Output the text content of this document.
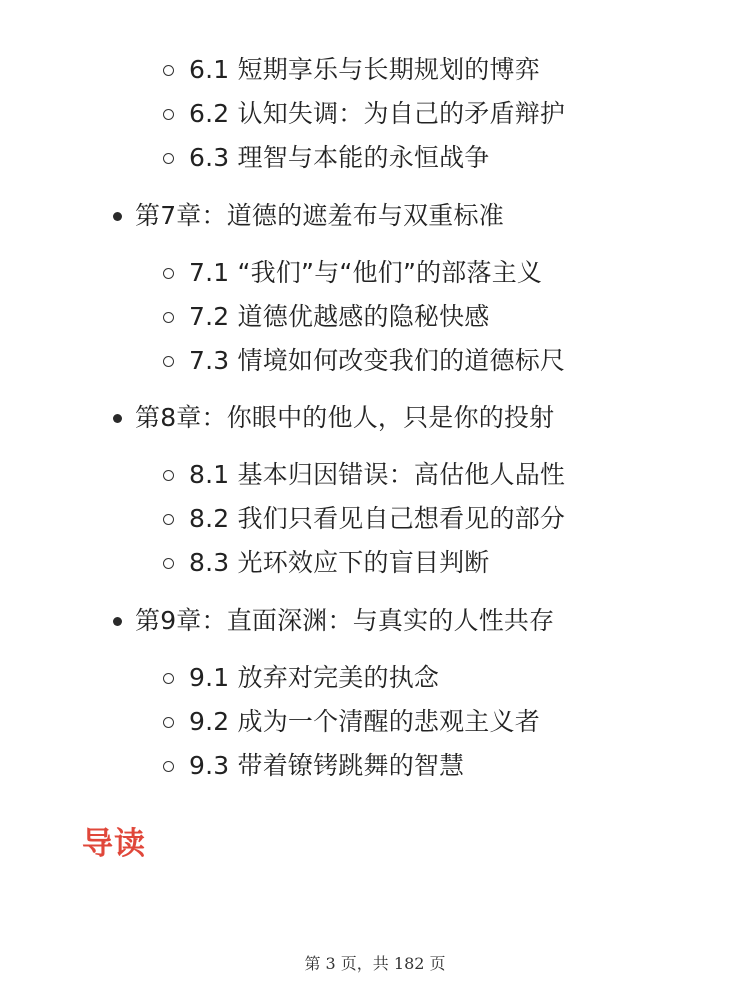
6.1 短期享乐与长期规划的博弈
6.2 认知失调：为自己的矛盾辩护
6.3 理智与本能的永恒战争
第7章：道德的遮羞布与双重标准
7.1 “我们”与“他们”的部落主义
7.2 道德优越感的隐秘快感
7.3 情境如何改变我们的道德标尺
第8章：你眼中的他人，只是你的投射
8.1 基本归因错误：高估他人品性
8.2 我们只看见自己想看见的部分
8.3 光环效应下的盲目判断
第9章：直面深渊：与真实的人性共存
9.1 放弃对完美的执念
9.2 成为一个清醒的悲观主义者
9.3 带着镣铐跳舞的智慧
导读
第 3 页，共 182 页
